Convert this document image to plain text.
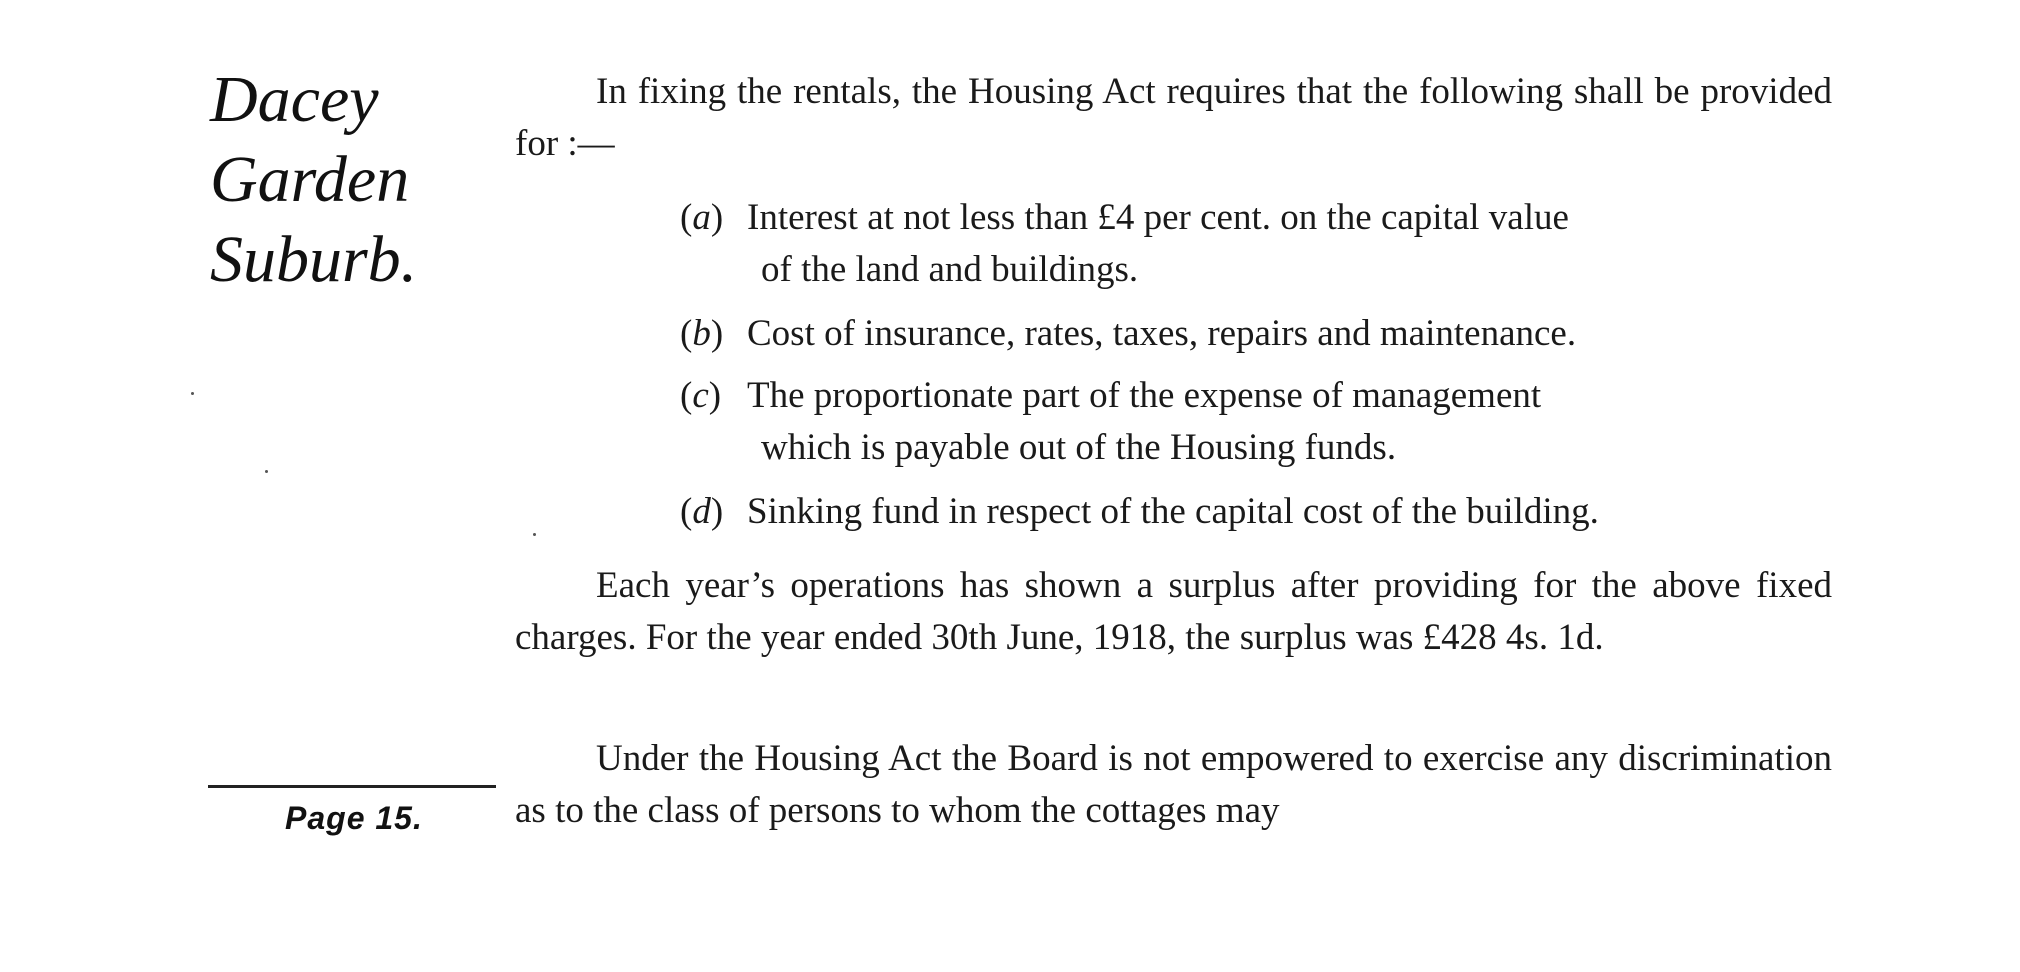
Dacey
Garden
Suburb.
Page 15.

In fixing the rentals, the Housing Act requires that the following shall be provided for :—

(a) Interest at not less than £4 per cent. on the capital value
of the land and buildings.
(b) Cost of insurance, rates, taxes, repairs and maintenance.
(c) The proportionate part of the expense of management
which is payable out of the Housing funds.
(d) Sinking fund in respect of the capital cost of the building.

Each year’s operations has shown a surplus after providing for the above fixed charges. For the year ended 30th June, 1918, the surplus was £428 4s. 1d.

Under the Housing Act the Board is not empowered to exercise any discrimination as to the class of persons to whom the cottages may
